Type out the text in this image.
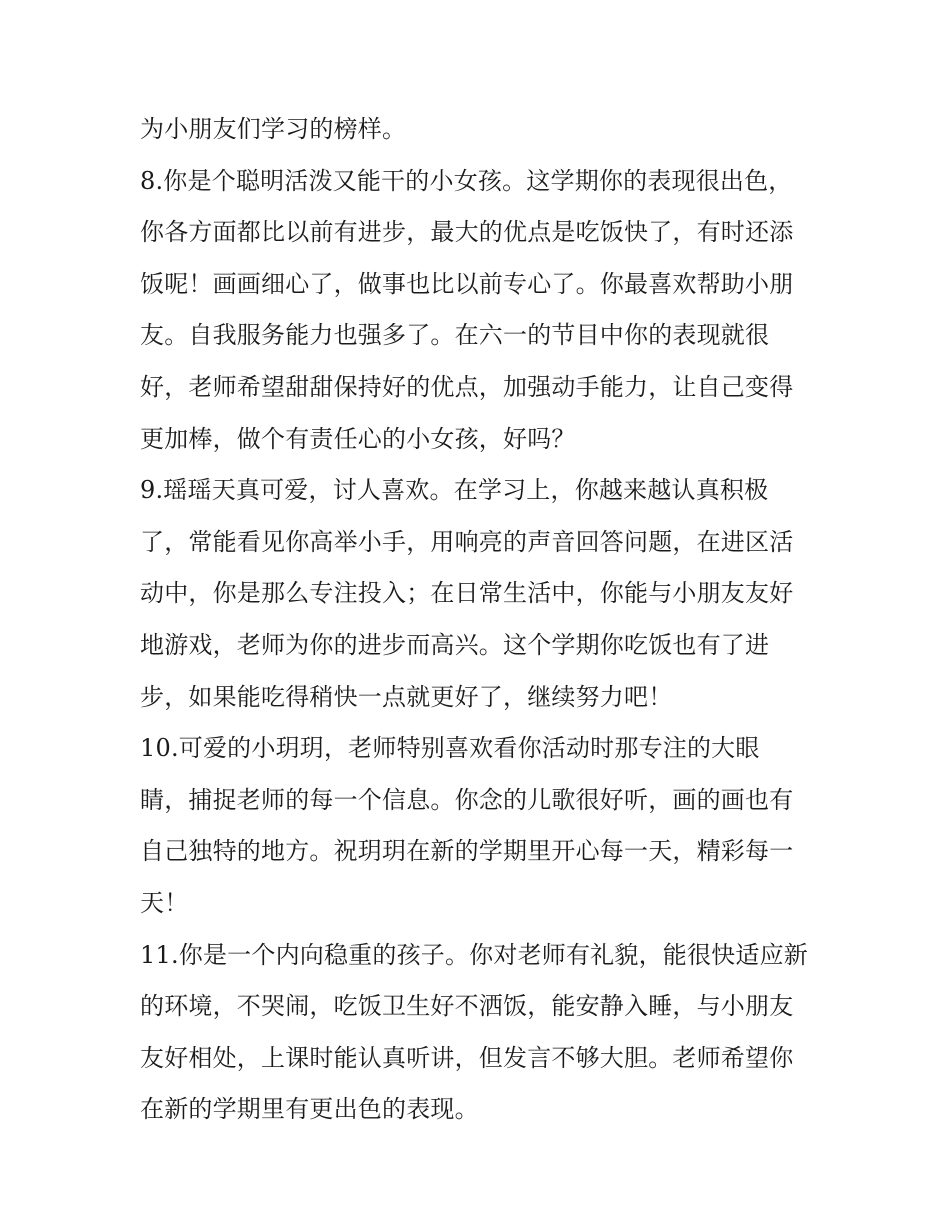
为小朋友们学习的榜样。
8.你是个聪明活泼又能干的小女孩。这学期你的表现很出色，
你各方面都比以前有进步，最大的优点是吃饭快了，有时还添
饭呢！画画细心了，做事也比以前专心了。你最喜欢帮助小朋
友。自我服务能力也强多了。在六一的节目中你的表现就很
好，老师希望甜甜保持好的优点，加强动手能力，让自己变得
更加棒，做个有责任心的小女孩，好吗？
9.瑶瑶天真可爱，讨人喜欢。在学习上，你越来越认真积极
了，常能看见你高举小手，用响亮的声音回答问题，在进区活
动中，你是那么专注投入；在日常生活中，你能与小朋友友好
地游戏，老师为你的进步而高兴。这个学期你吃饭也有了进
步，如果能吃得稍快一点就更好了，继续努力吧！
10.可爱的小玥玥，老师特别喜欢看你活动时那专注的大眼
睛，捕捉老师的每一个信息。你念的儿歌很好听，画的画也有
自己独特的地方。祝玥玥在新的学期里开心每一天，精彩每一
天！
11.你是一个内向稳重的孩子。你对老师有礼貌，能很快适应新
的环境，不哭闹，吃饭卫生好不洒饭，能安静入睡，与小朋友
友好相处，上课时能认真听讲，但发言不够大胆。老师希望你
在新的学期里有更出色的表现。
